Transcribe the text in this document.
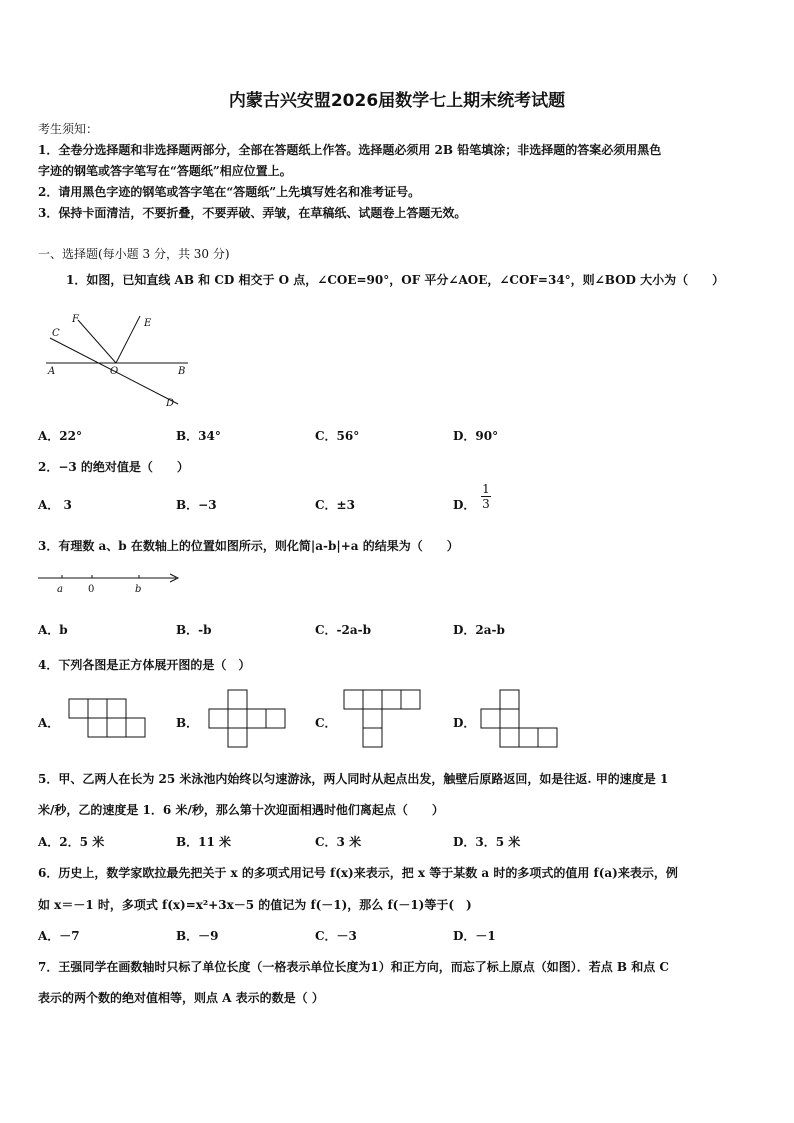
内蒙古兴安盟2026届数学七上期末统考试题
考生须知：
1．全卷分选择题和非选择题两部分，全部在答题纸上作答。选择题必须用 2B 铅笔填涂；非选择题的答案必须用黑色
字迹的钢笔或答字笔写在“答题纸”相应位置上。
2．请用黑色字迹的钢笔或答字笔在“答题纸”上先填写姓名和准考证号。
3．保持卡面清洁，不要折叠，不要弄破、弄皱，在草稿纸、试题卷上答题无效。
一、选择题(每小题 3 分，共 30 分)
1．如图，已知直线 AB 和 CD 相交于 O 点，∠COE=90°，OF 平分∠AOE，∠COF=34°，则∠BOD 大小为（　　）
C
F	E
A	O	B
D
A．22°	B．34°	C．56°	D．90°
2．−3 的绝对值是（　　）
A． 3	B．−3	C．±3	D． $\frac{1}{3}$
3．有理数 a、b 在数轴上的位置如图所示，则化简|a-b|+a 的结果为（　　）
a	0	b
A．b	B．-b	C．-2a-b	D．2a-b
4．下列各图是正方体展开图的是（　）
A．	B．	C．	D．
5．甲、乙两人在长为 25 米泳池内始终以匀速游泳，两人同时从起点出发，触壁后原路返回，如是往返. 甲的速度是 1
米/秒，乙的速度是 1．6 米/秒，那么第十次迎面相遇时他们离起点（　　）
A．2．5 米	B．11 米	C．3 米	D．3．5 米
6．历史上，数学家欧拉最先把关于 x 的多项式用记号 f(x)来表示，把 x 等于某数 a 时的多项式的值用 f(a)来表示，例
如 x＝－1 时，多项式 f(x)=x²+3x－5 的值记为 f(－1)，那么 f(－1)等于(　)
A．－7	B．－9	C．－3	D．－1
7．王强同学在画数轴时只标了单位长度（一格表示单位长度为1）和正方向，而忘了标上原点（如图）．若点 B 和点 C
表示的两个数的绝对值相等，则点 A 表示的数是（ ）
